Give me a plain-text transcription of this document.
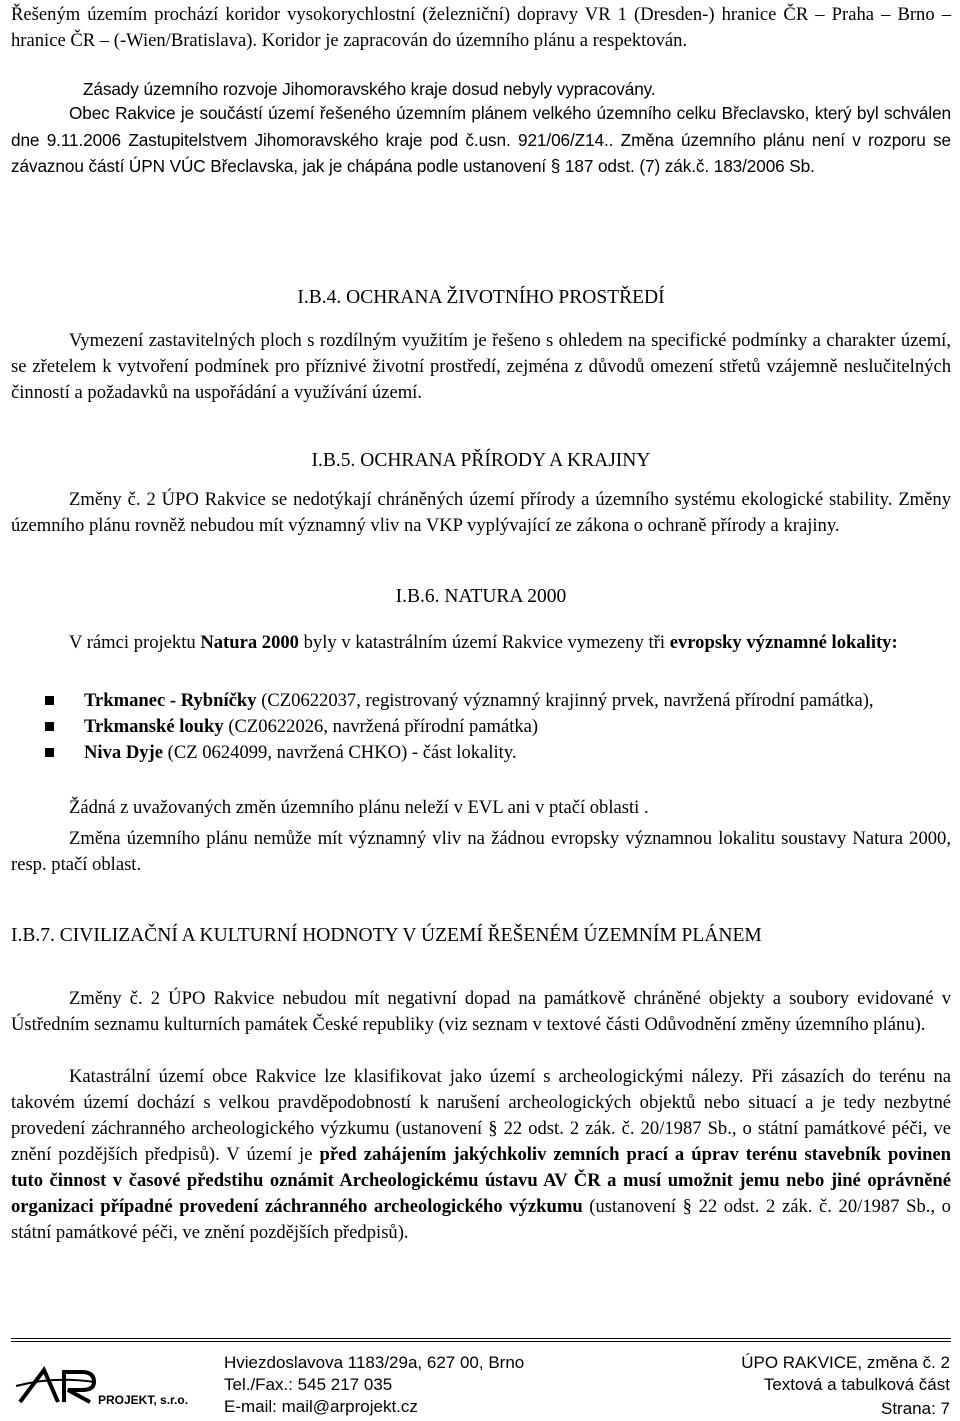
Řešeným územím prochází koridor vysokorychlostní (železniční) dopravy VR 1 (Dresden-) hranice ČR – Praha – Brno – hranice ČR – (-Wien/Bratislava). Koridor je zapracován do územního plánu a respektován.

Zásady územního rozvoje Jihomoravského kraje dosud nebyly vypracovány.

Obec Rakvice je součástí území řešeného územním plánem velkého územního celku Břeclavsko, který byl schválen dne 9.11.2006 Zastupitelstvem Jihomoravského kraje pod č.usn. 921/06/Z14.. Změna územního plánu není v rozporu se závaznou částí ÚPN VÚC Břeclavska, jak je chápána podle ustanovení § 187 odst. (7) zák.č. 183/2006 Sb.

I.B.4. OCHRANA ŽIVOTNÍHO PROSTŘEDÍ

Vymezení zastavitelných ploch s rozdílným využitím je řešeno s ohledem na specifické podmínky a charakter území, se zřetelem k vytvoření podmínek pro příznivé životní prostředí, zejména z důvodů omezení střetů vzájemně neslučitelných činností a požadavků na uspořádání a využívání území.

I.B.5. OCHRANA PŘÍRODY A KRAJINY

Změny č. 2 ÚPO Rakvice se nedotýkají chráněných území přírody a územního systému ekologické stability. Změny územního plánu rovněž nebudou mít významný vliv na VKP vyplývající ze zákona o ochraně přírody a krajiny.

I.B.6. NATURA 2000

V rámci projektu Natura 2000 byly v katastrálním území Rakvice vymezeny tři evropsky významné lokality:

Trkmanec - Rybníčky (CZ0622037, registrovaný významný krajinný prvek, navržená přírodní památka),
Trkmanské louky (CZ0622026, navržená přírodní památka)
Niva Dyje (CZ 0624099, navržená CHKO) - část lokality.

Žádná z uvažovaných změn územního plánu neleží v EVL ani v ptačí oblasti .

Změna územního plánu nemůže mít významný vliv na žádnou evropsky významnou lokalitu soustavy Natura 2000, resp. ptačí oblast.

I.B.7. CIVILIZAČNÍ A KULTURNÍ HODNOTY V ÚZEMÍ ŘEŠENÉM ÚZEMNÍM PLÁNEM

Změny č. 2 ÚPO Rakvice nebudou mít negativní dopad na památkově chráněné objekty a soubory evidované v Ústředním seznamu kulturních památek České republiky (viz seznam v textové části Odůvodnění změny územního plánu).

Katastrální území obce Rakvice lze klasifikovat jako území s archeologickými nálezy. Při zásazích do terénu na takovém území dochází s velkou pravděpodobností k narušení archeologických objektů nebo situací a je tedy nezbytné provedení záchranného archeologického výzkumu (ustanovení § 22 odst. 2 zák. č. 20/1987 Sb., o státní památkové péči, ve znění pozdějších předpisů). V území je před zahájením jakýchkoliv zemních prací a úprav terénu stavebník povinen tuto činnost v časové předstihu oznámit Archeologickému ústavu AV ČR a musí umožnit jemu nebo jiné oprávněné organizaci případné provedení záchranného archeologického výzkumu (ustanovení § 22 odst. 2 zák. č. 20/1987 Sb., o státní památkové péči, ve znění pozdějších předpisů).

PROJEKT, s.r.o.
Hviezdoslavova 1183/29a, 627 00, Brno
Tel./Fax.: 545 217 035
E-mail: mail@arprojekt.cz
ÚPO RAKVICE, změna č. 2
Textová a tabulková část
Strana: 7
